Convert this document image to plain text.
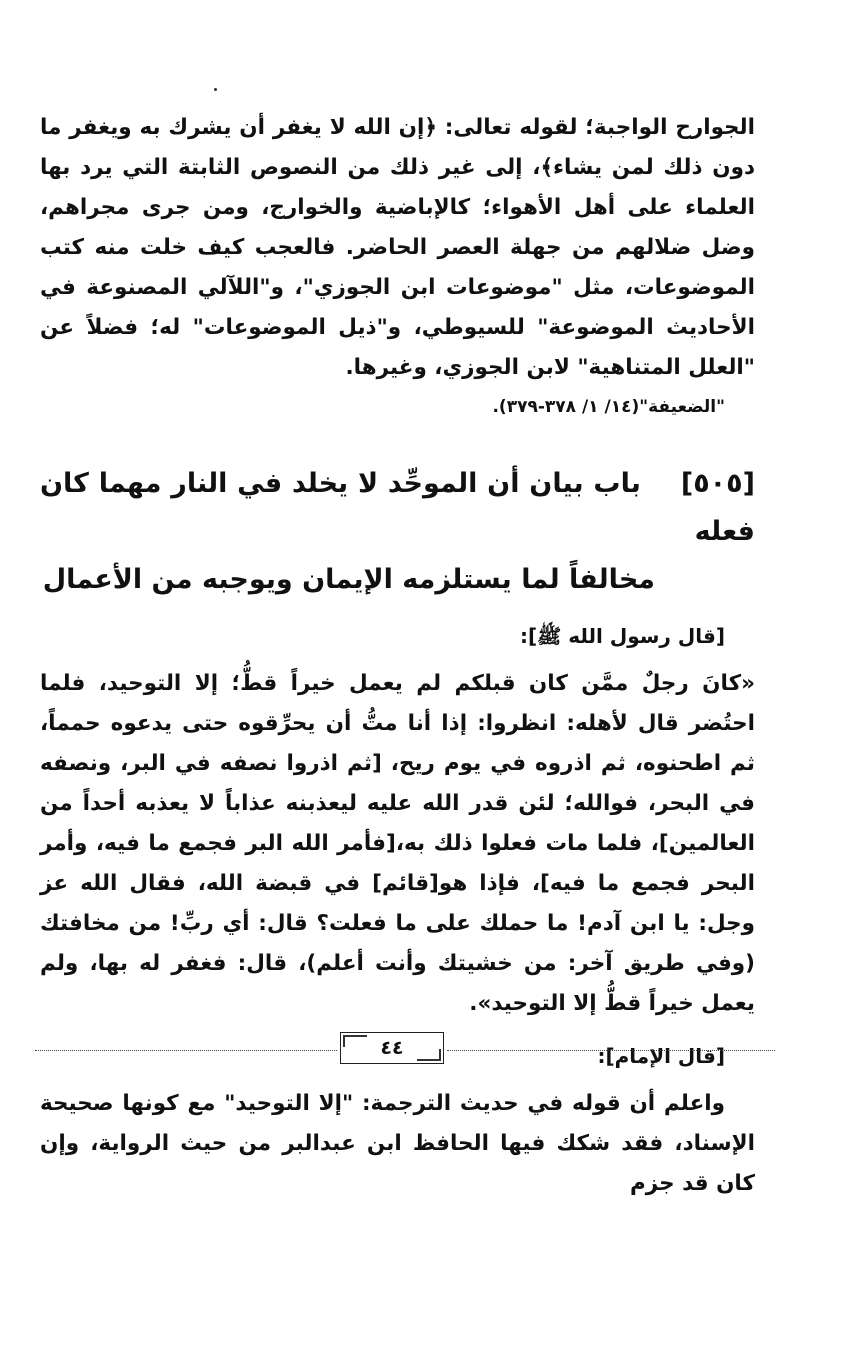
الجوارح الواجبة؛ لقوله تعالى: ﴿إن الله لا يغفر أن يشرك به ويغفر ما دون ذلك لمن يشاء﴾، إلى غير ذلك من النصوص الثابتة التي يرد بها العلماء على أهل الأهواء؛ كالإباضية والخوارج، ومن جرى مجراهم، وضل ضلالهم من جهلة العصر الحاضر. فالعجب كيف خلت منه كتب الموضوعات، مثل "موضوعات ابن الجوزي"، و"اللآلي المصنوعة في الأحاديث الموضوعة" للسيوطي، و"ذيل الموضوعات" له؛ فضلاً عن "العلل المتناهية" لابن الجوزي، وغيرها.

"الضعيفة"(١٤/ ١/ ٣٧٨-٣٧٩).

[٥٠٥]باب بيان أن الموحِّد لا يخلد في النار مهما كان فعله
مخالفاً لما يستلزمه الإيمان ويوجبه من الأعمال

[قال رسول الله ﷺ]:

«كانَ رجلٌ ممَّن كان قبلكم لم يعمل خيراً قطُّ؛ إلا التوحيد، فلما احتُضر قال لأهله: انظروا: إذا أنا متُّ أن يحرِّقوه حتى يدعوه حمماً، ثم اطحنوه، ثم اذروه في يوم ريح، [ثم اذروا نصفه في البر، ونصفه في البحر، فوالله؛ لئن قدر الله عليه ليعذبنه عذاباً لا يعذبه أحداً من العالمين]، فلما مات فعلوا ذلك به،[فأمر الله البر فجمع ما فيه، وأمر البحر فجمع ما فيه]، فإذا هو[قائم] في قبضة الله، فقال الله عز وجل: يا ابن آدم! ما حملك على ما فعلت؟ قال: أي ربِّ! من مخافتك (وفي طريق آخر: من خشيتك وأنت أعلم)، قال: فغفر له بها، ولم يعمل خيراً قطُّ إلا التوحيد».

[قال الإمام]:

واعلم أن قوله في حديث الترجمة: "إلا التوحيد" مع كونها صحيحة الإسناد، فقد شكك فيها الحافظ ابن عبدالبر من حيث الرواية، وإن كان قد جزم

٤٤
